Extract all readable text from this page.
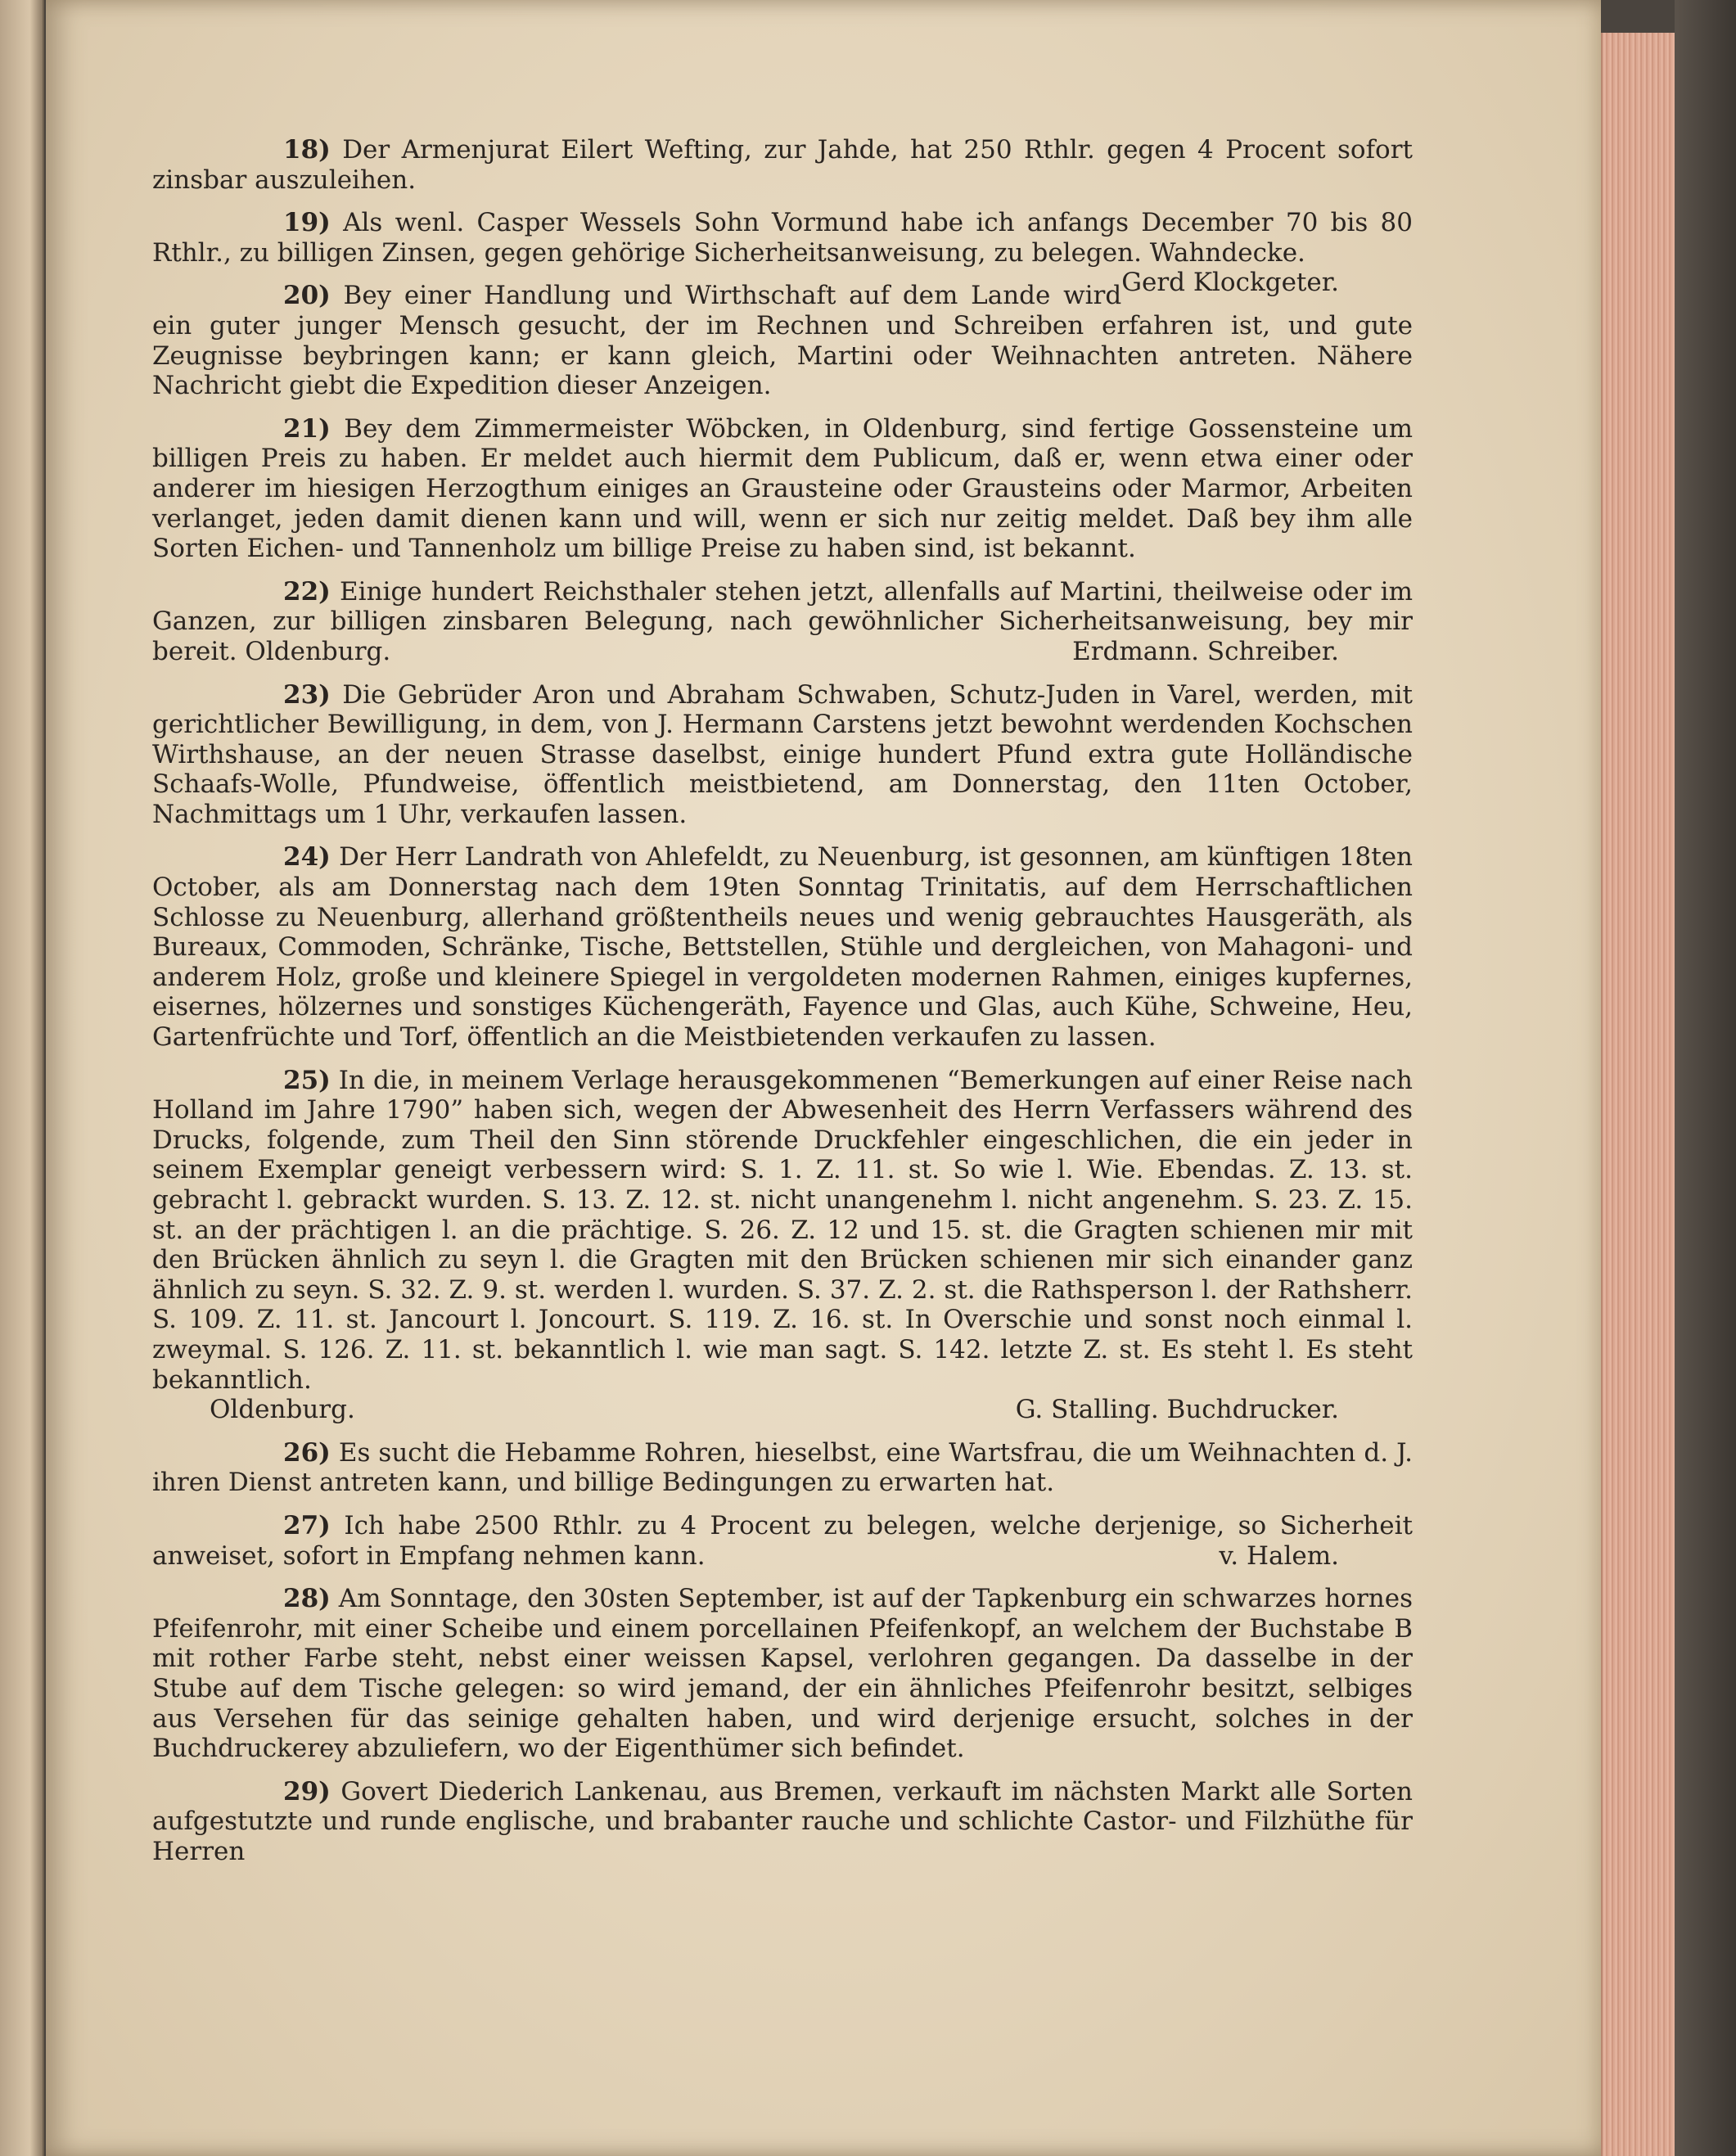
18) Der Armenjurat Eilert Wefting, zur Jahde, hat 250 Rthlr. gegen 4 Procent sofort zinsbar auszuleihen.

19) Als wenl. Casper Wessels Sohn Vormund habe ich anfangs December 70 bis 80 Rthlr., zu billigen Zinsen, gegen gehörige Sicherheitsanweisung, zu belegen. Wahndecke.
Gerd Klockgeter.

20) Bey einer Handlung und Wirthschaft auf dem Lande wird ein guter junger Mensch gesucht, der im Rechnen und Schreiben erfahren ist, und gute Zeugnisse beybringen kann; er kann gleich, Martini oder Weihnachten antreten. Nähere Nachricht giebt die Expedition dieser Anzeigen.

21) Bey dem Zimmermeister Wöbcken, in Oldenburg, sind fertige Gossensteine um billigen Preis zu haben. Er meldet auch hiermit dem Publicum, daß er, wenn etwa einer oder anderer im hiesigen Herzogthum einiges an Grausteine oder Grausteins oder Marmor, Arbeiten verlanget, jeden damit dienen kann und will, wenn er sich nur zeitig meldet. Daß bey ihm alle Sorten Eichen- und Tannenholz um billige Preise zu haben sind, ist bekannt.

22) Einige hundert Reichsthaler stehen jetzt, allenfalls auf Martini, theilweise oder im Ganzen, zur billigen zinsbaren Belegung, nach gewöhnlicher Sicherheitsanweisung, bey mir bereit. Oldenburg.	Erdmann. Schreiber.

23) Die Gebrüder Aron und Abraham Schwaben, Schutz-Juden in Varel, werden, mit gerichtlicher Bewilligung, in dem, von J. Hermann Carstens jetzt bewohnt werdenden Kochschen Wirthshause, an der neuen Strasse daselbst, einige hundert Pfund extra gute Holländische Schaafs-Wolle, Pfundweise, öffentlich meistbietend, am Donnerstag, den 11ten October, Nachmittags um 1 Uhr, verkaufen lassen.

24) Der Herr Landrath von Ahlefeldt, zu Neuenburg, ist gesonnen, am künftigen 18ten October, als am Donnerstag nach dem 19ten Sonntag Trinitatis, auf dem Herrschaftlichen Schlosse zu Neuenburg, allerhand größtentheils neues und wenig gebrauchtes Hausgeräth, als Bureaux, Commoden, Schränke, Tische, Bettstellen, Stühle und dergleichen, von Mahagoni- und anderem Holz, große und kleinere Spiegel in vergoldeten modernen Rahmen, einiges kupfernes, eisernes, hölzernes und sonstiges Küchengeräth, Fayence und Glas, auch Kühe, Schweine, Heu, Gartenfrüchte und Torf, öffentlich an die Meistbietenden verkaufen zu lassen.

25) In die, in meinem Verlage herausgekommenen “Bemerkungen auf einer Reise nach Holland im Jahre 1790” haben sich, wegen der Abwesenheit des Herrn Verfassers während des Drucks, folgende, zum Theil den Sinn störende Druckfehler eingeschlichen, die ein jeder in seinem Exemplar geneigt verbessern wird: S. 1. Z. 11. st. So wie l. Wie. Ebendas. Z. 13. st. gebracht l. gebrackt wurden. S. 13. Z. 12. st. nicht unangenehm l. nicht angenehm. S. 23. Z. 15. st. an der prächtigen l. an die prächtige. S. 26. Z. 12 und 15. st. die Gragten schienen mir mit den Brücken ähnlich zu seyn l. die Gragten mit den Brücken schienen mir sich einander ganz ähnlich zu seyn. S. 32. Z. 9. st. werden l. wurden. S. 37. Z. 2. st. die Rathsperson l. der Rathsherr. S. 109. Z. 11. st. Jancourt l. Joncourt. S. 119. Z. 16. st. In Overschie und sonst noch einmal l. zweymal. S. 126. Z. 11. st. bekanntlich l. wie man sagt. S. 142. letzte Z. st. Es steht l. Es steht bekanntlich.
Oldenburg.	G. Stalling. Buchdrucker.

26) Es sucht die Hebamme Rohren, hieselbst, eine Wartsfrau, die um Weihnachten d. J. ihren Dienst antreten kann, und billige Bedingungen zu erwarten hat.

27) Ich habe 2500 Rthlr. zu 4 Procent zu belegen, welche derjenige, so Sicherheit anweiset, sofort in Empfang nehmen kann.	v. Halem.

28) Am Sonntage, den 30sten September, ist auf der Tapkenburg ein schwarzes hornes Pfeifenrohr, mit einer Scheibe und einem porcellainen Pfeifenkopf, an welchem der Buchstabe B mit rother Farbe steht, nebst einer weissen Kapsel, verlohren gegangen. Da dasselbe in der Stube auf dem Tische gelegen: so wird jemand, der ein ähnliches Pfeifenrohr besitzt, selbiges aus Versehen für das seinige gehalten haben, und wird derjenige ersucht, solches in der Buchdruckerey abzuliefern, wo der Eigenthümer sich befindet.

29) Govert Diederich Lankenau, aus Bremen, verkauft im nächsten Markt alle Sorten aufgestutzte und runde englische, und brabanter rauche und schlichte Castor- und Filzhüthe für Herren
